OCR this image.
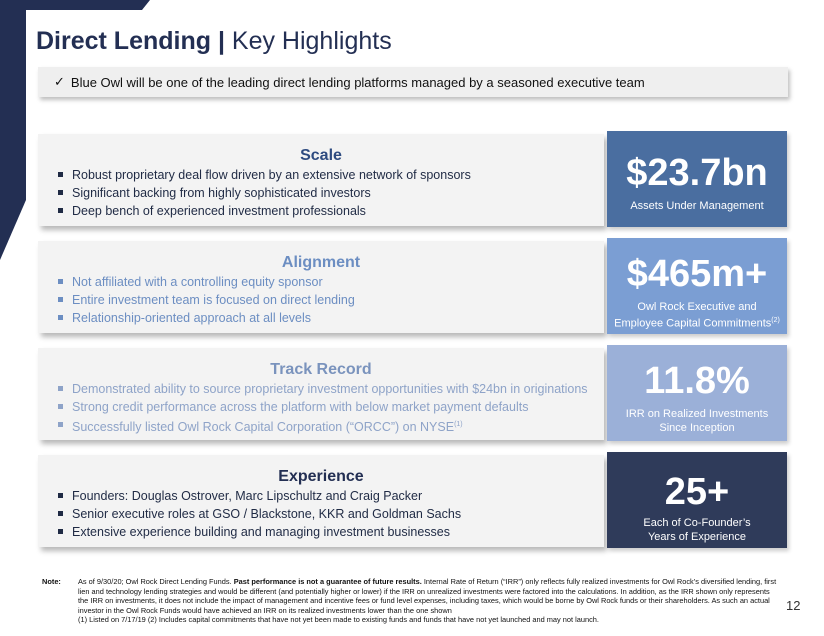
Direct Lending | Key Highlights
✓ Blue Owl will be one of the leading direct lending platforms managed by a seasoned executive team
Scale
Robust proprietary deal flow driven by an extensive network of sponsors
Significant backing from highly sophisticated investors
Deep bench of experienced investment professionals
$23.7bn
Assets Under Management
Alignment
Not affiliated with a controlling equity sponsor
Entire investment team is focused on direct lending
Relationship-oriented approach at all levels
$465m+
Owl Rock Executive and
Employee Capital Commitments$^{(2)}$
Track Record
Demonstrated ability to source proprietary investment opportunities with $24bn in originations
Strong credit performance across the platform with below market payment defaults
Successfully listed Owl Rock Capital Corporation (“ORCC”) on NYSE$^{(1)}$
11.8%
IRR on Realized Investments
Since Inception
Experience
Founders: Douglas Ostrover, Marc Lipschultz and Craig Packer
Senior executive roles at GSO / Blackstone, KKR and Goldman Sachs
Extensive experience building and managing investment businesses
25+
Each of Co-Founder’s
Years of Experience
Note: As of 9/30/20; Owl Rock Direct Lending Funds. Past performance is not a guarantee of future results. Internal Rate of Return (“IRR”) only reflects fully realized investments for Owl Rock’s diversified lending, first lien and technology lending strategies and would be different (and potentially higher or lower) if the IRR on unrealized investments were factored into the calculations. In addition, as the IRR shown only represents the IRR on investments, it does not include the impact of management and incentive fees or fund level expenses, including taxes, which would be borne by Owl Rock funds or their shareholders. As such an actual investor in the Owl Rock Funds would have achieved an IRR on its realized investments lower than the one shown
(1) Listed on 7/17/19 (2) Includes capital commitments that have not yet been made to existing funds and funds that have not yet launched and may not launch.
12
